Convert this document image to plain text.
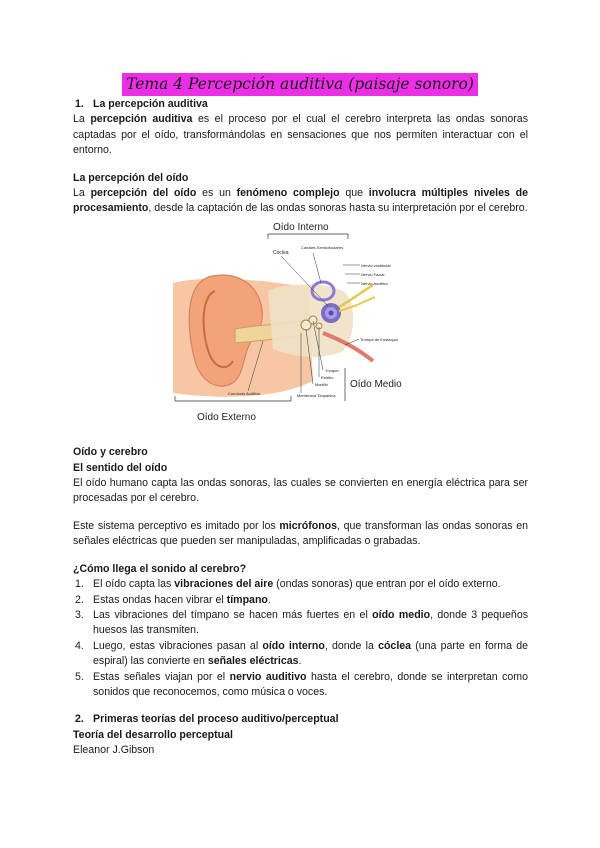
Tema 4 Percepción auditiva (paisaje sonoro)
1. La percepción auditiva

La percepción auditiva es el proceso por el cual el cerebro interpreta las ondas sonoras captadas por el oído, transformándolas en sensaciones que nos permiten interactuar con el entorno.

La percepción del oído

La percepción del oído es un fenómeno complejo que involucra múltiples niveles de procesamiento, desde la captación de las ondas sonoras hasta su interpretación por el cerebro.

Oído Interno
Cóclea
Canales Semicirculares
Nervio vestibular
Nervio Facial
Nervio Auditivo
Trompa de Eustaquio
Yunque
Estribo
Martillo
Membrana Timpánica
Oído Medio
Conducto Auditivo
Oído Externo
Oído y cerebro
El sentido del oído

El oído humano capta las ondas sonoras, las cuales se convierten en energía eléctrica para ser procesadas por el cerebro.

Este sistema perceptivo es imitado por los micrófonos, que transforman las ondas sonoras en señales eléctricas que pueden ser manipuladas, amplificadas o grabadas.

¿Cómo llega el sonido al cerebro?
1. El oído capta las vibraciones del aire (ondas sonoras) que entran por el oído externo.
2. Estas ondas hacen vibrar el tímpano.
3. Las vibraciones del tímpano se hacen más fuertes en el oído medio, donde 3 pequeños huesos las transmiten.
4. Luego, estas vibraciones pasan al oído interno, donde la cóclea (una parte en forma de espiral) las convierte en señales eléctricas.
5. Estas señales viajan por el nervio auditivo hasta el cerebro, donde se interpretan como sonidos que reconocemos, como música o voces.
2. Primeras teorías del proceso auditivo/perceptual
Teoría del desarrollo perceptual

Eleanor J.Gibson
